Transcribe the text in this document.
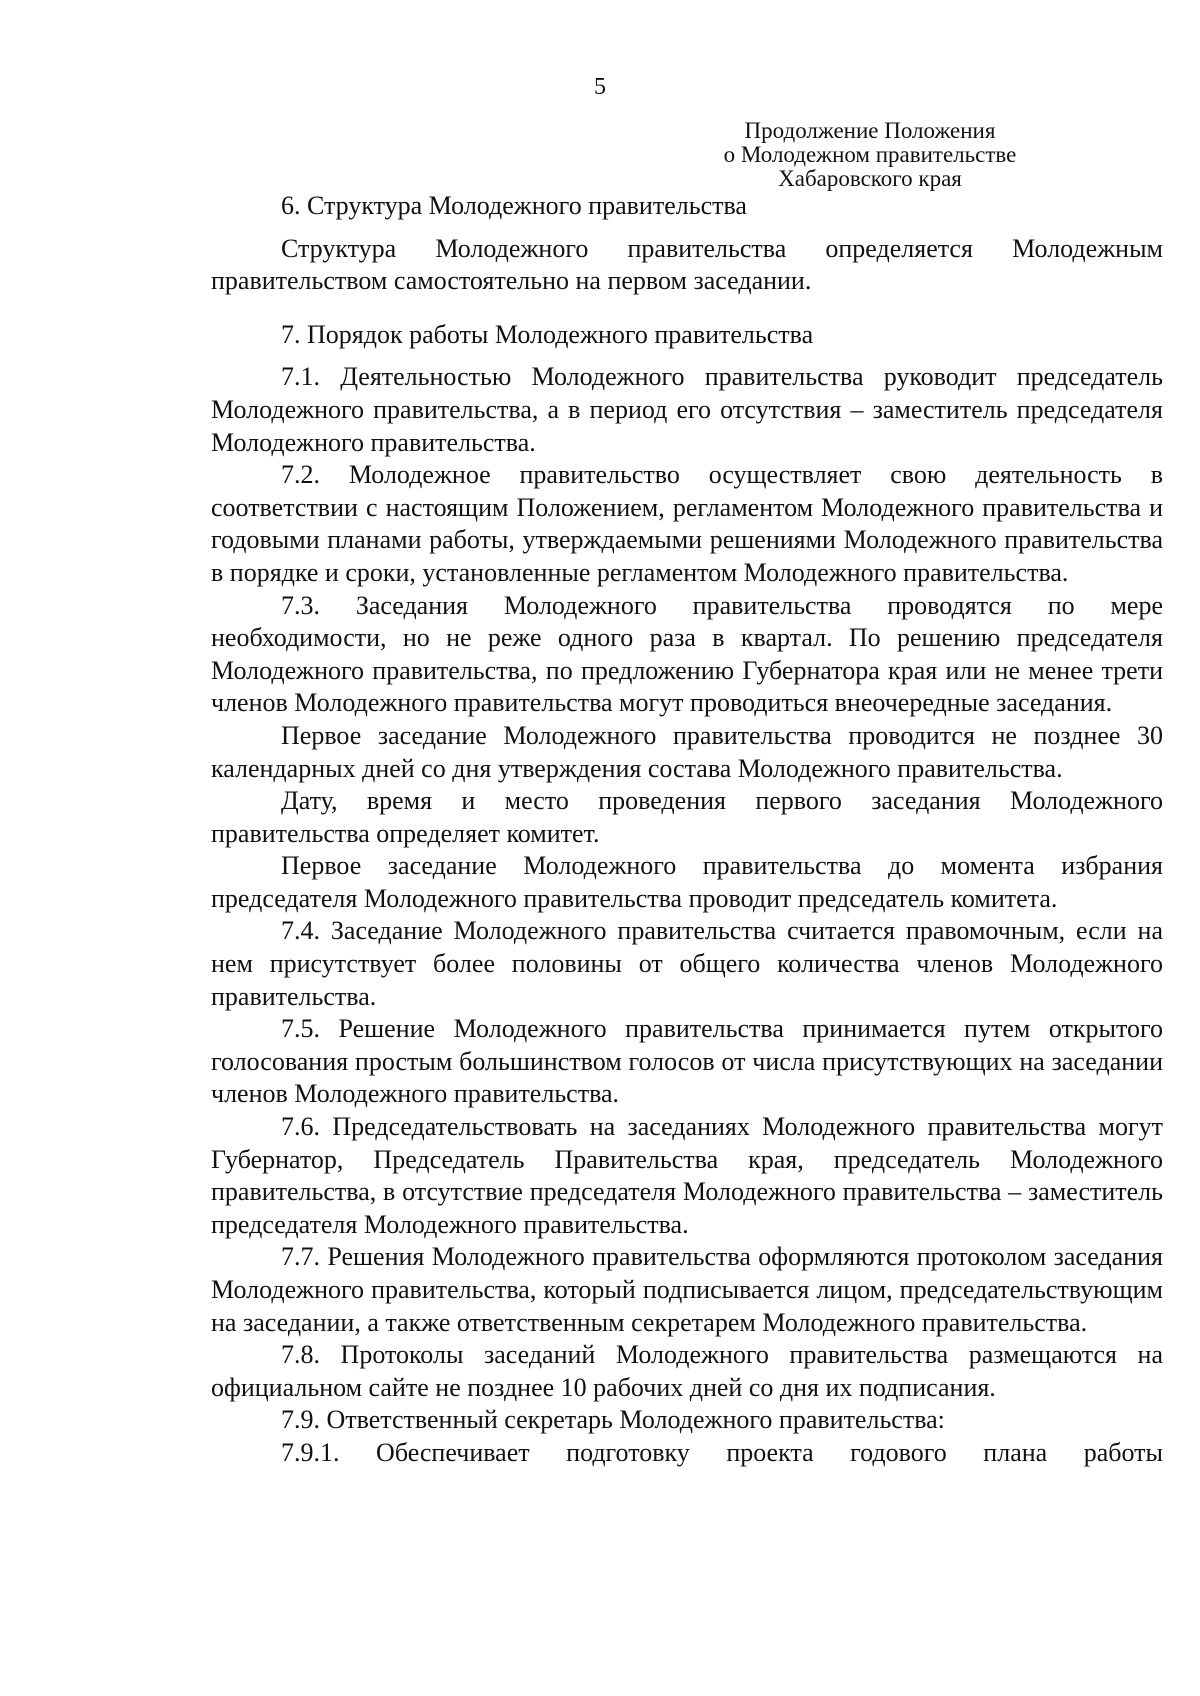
5
Продолжение Положения
о Молодежном правительстве
Хабаровского края
6. Структура Молодежного правительства

Структура Молодежного правительства определяется Молодежным правительством самостоятельно на первом заседании.

7. Порядок работы Молодежного правительства

7.1. Деятельностью Молодежного правительства руководит председатель Молодежного правительства, а в период его отсутствия – заместитель председателя Молодежного правительства.

7.2. Молодежное правительство осуществляет свою деятельность в соответствии с настоящим Положением, регламентом Молодежного правительства и годовыми планами работы, утверждаемыми решениями Молодежного правительства в порядке и сроки, установленные регламентом Молодежного правительства.

7.3. Заседания Молодежного правительства проводятся по мере необходимости, но не реже одного раза в квартал. По решению председателя Молодежного правительства, по предложению Губернатора края или не менее трети членов Молодежного правительства могут проводиться внеочередные заседания.

Первое заседание Молодежного правительства проводится не позднее 30 календарных дней со дня утверждения состава Молодежного правительства.

Дату, время и место проведения первого заседания Молодежного правительства определяет комитет.

Первое заседание Молодежного правительства до момента избрания председателя Молодежного правительства проводит председатель комитета.

7.4. Заседание Молодежного правительства считается правомочным, если на нем присутствует более половины от общего количества членов Молодежного правительства.

7.5. Решение Молодежного правительства принимается путем открытого голосования простым большинством голосов от числа присутствующих на заседании членов Молодежного правительства.

7.6. Председательствовать на заседаниях Молодежного правительства могут Губернатор, Председатель Правительства края, председатель Молодежного правительства, в отсутствие председателя Молодежного правительства – заместитель председателя Молодежного правительства.

7.7. Решения Молодежного правительства оформляются протоколом заседания Молодежного правительства, который подписывается лицом, председательствующим на заседании, а также ответственным секретарем Молодежного правительства.

7.8. Протоколы заседаний Молодежного правительства размещаются на официальном сайте не позднее 10 рабочих дней со дня их подписания.

7.9. Ответственный секретарь Молодежного правительства:

7.9.1. Обеспечивает подготовку проекта годового плана работы
